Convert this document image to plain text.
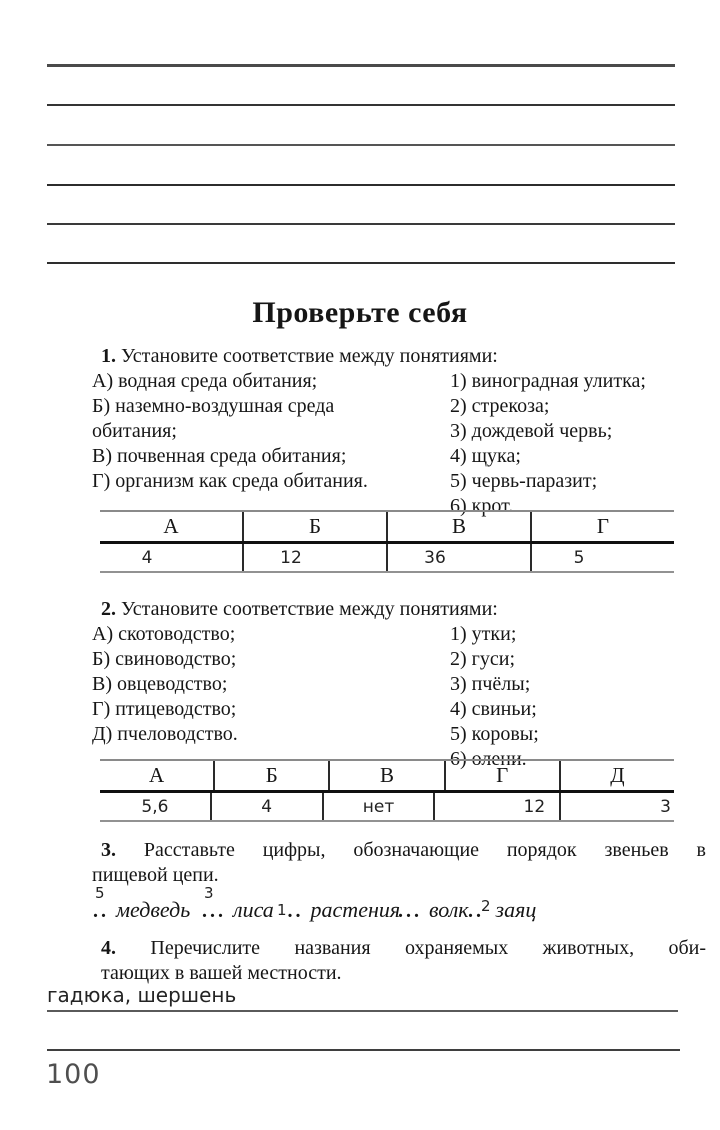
Проверьте себя
1. Установите соответствие между понятиями:
А) водная среда обитания;
Б) наземно-воздушная среда обитания;
В) почвенная среда обитания;
Г) организм как среда обитания.
1) виноградная улитка;
2) стрекоза;
3) дождевой червь;
4) щука;
5) червь-паразит;
6) крот.
А	Б	В	Г
4	12	36	5
2. Установите соответствие между понятиями:
А) скотоводство;
Б) свиноводство;
В) овцеводство;
Г) птицеводство;
Д) пчеловодство.
1) утки;
2) гуси;
3) пчёлы;
4) свиньи;
5) коровы;
6) олени.
А	Б	В	Г	Д
5,6	4	нет	12	3
3. Расставьте цифры, обозначающие порядок звеньев в
пищевой цепи.
5
.. медведь
3
... лиса 1.. растения
... волк ..$^2$ заяц
4. Перечислите названия охраняемых животных, оби-
тающих в вашей местности.
гадюка, шершень
100
